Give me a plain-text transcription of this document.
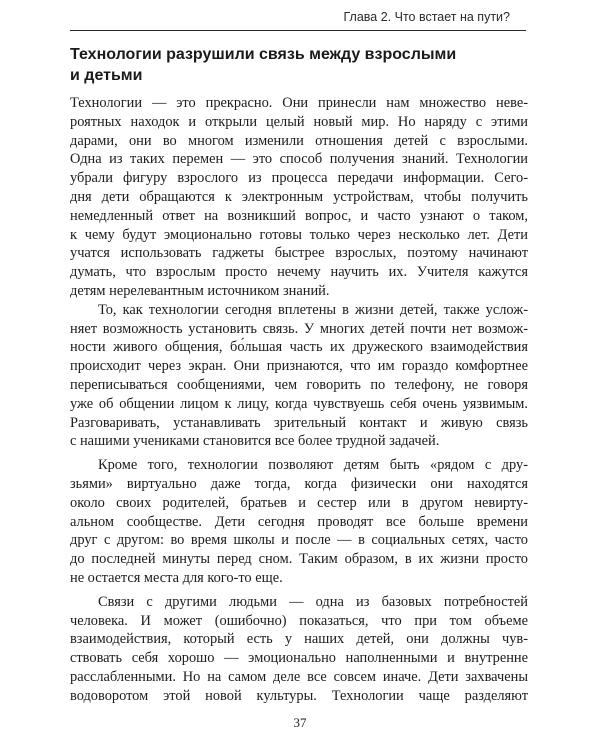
Глава 2. Что встает на пути?
Технологии разрушили связь между взрослыми
и детьми
Технологии — это прекрасно. Они принесли нам множество неве-
роятных находок и открыли целый новый мир. Но наряду с этими
дарами, они во многом изменили отношения детей с взрослыми.
Одна из таких перемен — это способ получения знаний. Технологии
убрали фигуру взрослого из процесса передачи информации. Сего-
дня дети обращаются к электронным устройствам, чтобы получить
немедленный ответ на возникший вопрос, и часто узнают о таком,
к чему будут эмоционально готовы только через несколько лет. Дети
учатся использовать гаджеты быстрее взрослых, поэтому начинают
думать, что взрослым просто нечему научить их. Учителя кажутся
детям нерелевантным источником знаний.
То, как технологии сегодня вплетены в жизни детей, также услож-
няет возможность установить связь. У многих детей почти нет возмож-
ности живого общения, бо́льшая часть их дружеского взаимодействия
происходит через экран. Они признаются, что им гораздо комфортнее
переписываться сообщениями, чем говорить по телефону, не говоря
уже об общении лицом к лицу, когда чувствуешь себя очень уязвимым.
Разговаривать, устанавливать зрительный контакт и живую связь
с нашими учениками становится все более трудной задачей.
Кроме того, технологии позволяют детям быть «рядом с дру-
зьями» виртуально даже тогда, когда физически они находятся
около своих родителей, братьев и сестер или в другом невирту-
альном сообществе. Дети сегодня проводят все больше времени
друг с другом: во время школы и после — в социальных сетях, часто
до последней минуты перед сном. Таким образом, в их жизни просто
не остается места для кого-то еще.
Связи с другими людьми — одна из базовых потребностей
человека. И может (ошибочно) показаться, что при том объеме
взаимодействия, который есть у наших детей, они должны чув-
ствовать себя хорошо — эмоционально наполненными и внутренне
расслабленными. Но на самом деле все совсем иначе. Дети захвачены
водоворотом этой новой культуры. Технологии чаще разделяют
37
